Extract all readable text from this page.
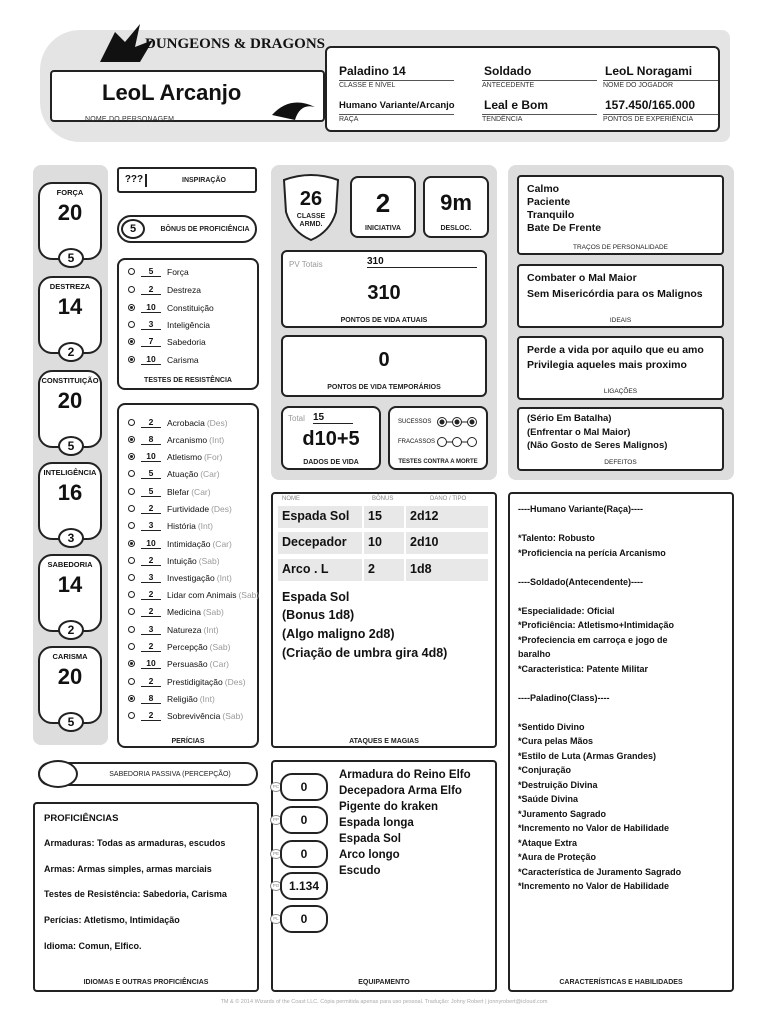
DUNGEONS & DRAGONS
LeoL Arcanjo
NOME DO PERSONAGEM
Paladino 14
CLASSE E NÍVEL
Soldado
ANTECEDENTE
LeoL Noragami
NOME DO JOGADOR
Humano Variante/Arcanjo
RAÇA
Leal e Bom
TENDÊNCIA
157.450/165.000
PONTOS DE EXPERIÊNCIA
FORÇA
20
5
DESTREZA
14
2
CONSTITUIÇÃO
20
5
INTELIGÊNCIA
16
3
SABEDORIA
14
2
CARISMA
20
5
???	INSPIRAÇÃO
5	BÔNUS DE PROFICIÊNCIA
5	Força
2	Destreza
10	Constituição
3	Inteligência
7	Sabedoria
10	Carisma
TESTES DE RESISTÊNCIA
2	Acrobacia (Des)
8	Arcanismo (Int)
10	Atletismo (For)
5	Atuação (Car)
5	Blefar (Car)
2	Furtividade (Des)
3	História (Int)
10	Intimidação (Car)
2	Intuição (Sab)
3	Investigação (Int)
2	Lidar com Animais (Sab)
2	Medicina (Sab)
3	Natureza (Int)
2	Percepção (Sab)
10	Persuasão (Car)
2	Prestidigitação (Des)
8	Religião (Int)
2	Sobrevivência (Sab)
PERÍCIAS
SABEDORIA PASSIVA (PERCEPÇÃO)
PROFICIÊNCIAS
Armaduras: Todas as armaduras, escudos
Armas: Armas simples, armas marciais
Testes de Resistência: Sabedoria, Carisma
Perícias: Atletismo, Intimidação
Idioma: Comun, Elfico.
IDIOMAS E OUTRAS PROFICIÊNCIAS
26
CLASSE ARMD.
2
INICIATIVA
9m
DESLOC.
PV Totais	310
310
PONTOS DE VIDA ATUAIS
0
PONTOS DE VIDA TEMPORÁRIOS
Total 15
d10+5
DADOS DE VIDA
SUCESSOS
FRACASSOS
TESTES CONTRA A MORTE
NOME	BÔNUS	DANO / TIPO
Espada Sol	15	2d12
Decepador	10	2d10
Arco . L	2	1d8
Espada Sol
(Bonus 1d8)
(Algo maligno 2d8)
(Criação de umbra gira 4d8)
ATAQUES E MAGIAS
PC	0
PP	0
PE	0
PO 1.134
PL	0
Armadura do Reino Elfo
Decepadora Arma Elfo
Pigente do kraken
Espada longa
Espada Sol
Arco longo
Escudo
EQUIPAMENTO
Calmo
Paciente
Tranquilo
Bate De Frente
TRAÇOS DE PERSONALIDADE
Combater o Mal Maior
Sem Misericórdia para os Malignos
IDEAIS
Perde a vida por aquilo que eu amo
Privilegia aqueles mais proximo
LIGAÇÕES
(Sério Em Batalha)
(Enfrentar o Mal Maior)
(Não Gosto de Seres Malignos)
DEFEITOS
----Humano Variante(Raça)----
*Talento: Robusto
*Proficiencia na perícia Arcanismo
----Soldado(Antecendente)----
*Especialidade: Oficial
*Proficiência: Atletismo+Intimidação
*Profeciencia em carroça e jogo de
baralho
*Caracteristica: Patente Militar
----Paladino(Class)----
*Sentido Divino
*Cura pelas Mãos
*Estilo de Luta (Armas Grandes)
*Conjuração
*Destruição Divina
*Saúde Divina
*Juramento Sagrado
*Incremento no Valor de Habilidade
*Ataque Extra
*Aura de Proteção
*Característica de Juramento Sagrado
*Incremento no Valor de Habilidade
CARACTERÍSTICAS E HABILIDADES
TM & © 2014 Wizards of the Coast LLC. Cópia permitida apenas para uso pessoal. Tradução: Johny Robert | jonnyrobert@icloud.com
